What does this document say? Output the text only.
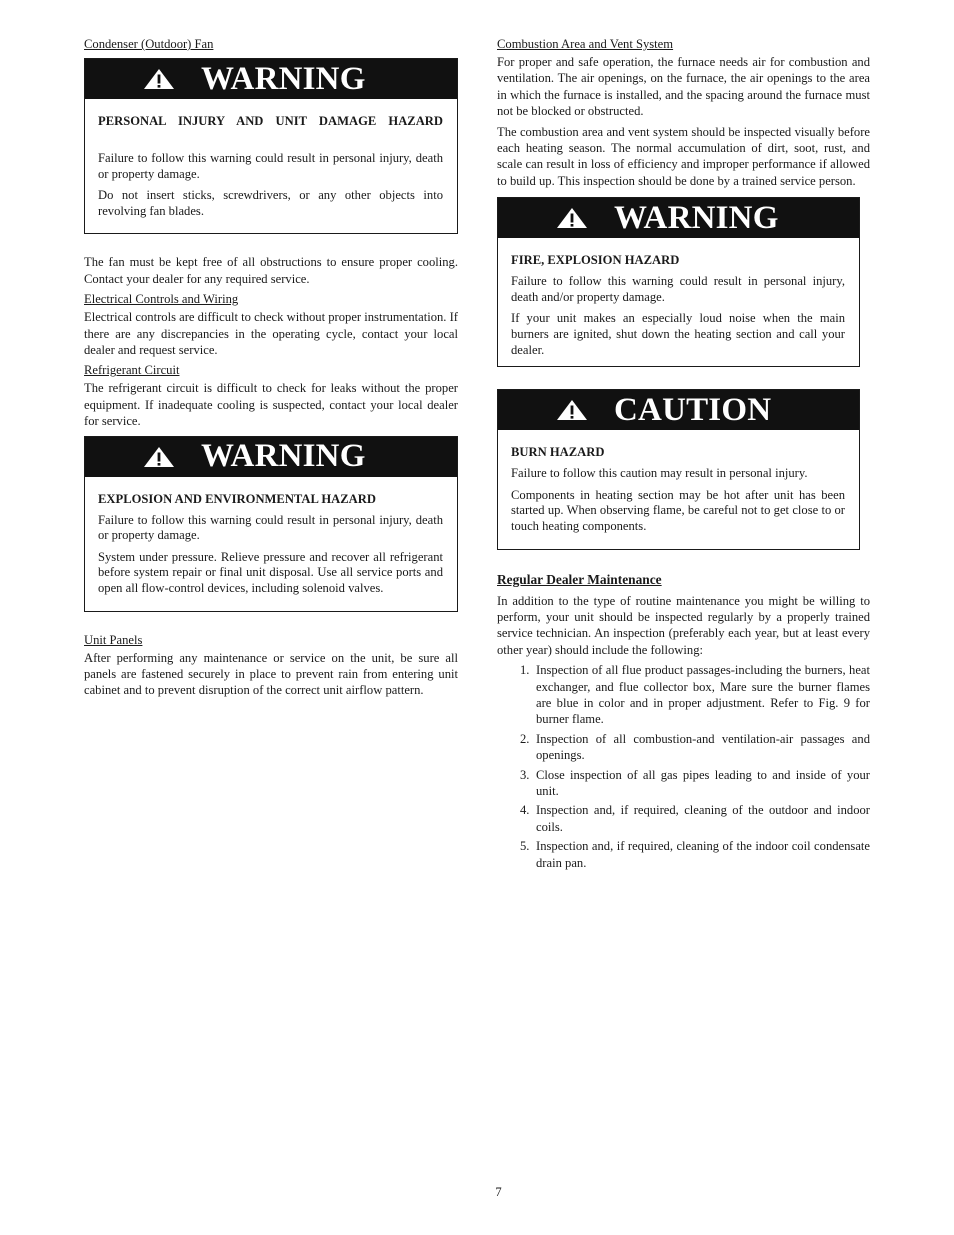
Condenser (Outdoor) Fan
WARNING
PERSONAL INJURY AND UNIT DAMAGE HAZARD
Failure to follow this warning could result in personal injury, death or property damage.
Do not insert sticks, screwdrivers, or any other objects into revolving fan blades.
The fan must be kept free of all obstructions to ensure proper cooling. Contact your dealer for any required service.
Electrical Controls and Wiring
Electrical controls are difficult to check without proper instrumentation. If there are any discrepancies in the operating cycle, contact your local dealer and request service.
Refrigerant Circuit
The refrigerant circuit is difficult to check for leaks without the proper equipment. If inadequate cooling is suspected, contact your local dealer for service.
WARNING
EXPLOSION AND ENVIRONMENTAL HAZARD
Failure to follow this warning could result in personal injury, death or property damage.
System under pressure. Relieve pressure and recover all refrigerant before system repair or final unit disposal. Use all service ports and open all flow‐control devices, including solenoid valves.
Unit Panels
After performing any maintenance or service on the unit, be sure all panels are fastened securely in place to prevent rain from entering unit cabinet and to prevent disruption of the correct unit airflow pattern.
Combustion Area and Vent System
For proper and safe operation, the furnace needs air for combustion and ventilation. The air openings, on the furnace, the air openings to the area in which the furnace is installed, and the spacing around the furnace must not be blocked or obstructed.
The combustion area and vent system should be inspected visually before each heating season. The normal accumulation of dirt, soot, rust, and scale can result in loss of efficiency and improper performance if allowed to build up. This inspection should be done by a trained service person.
WARNING
FIRE, EXPLOSION HAZARD
Failure to follow this warning could result in personal injury, death and/or property damage.
If your unit makes an especially loud noise when the main burners are ignited, shut down the heating section and call your dealer.
CAUTION
BURN HAZARD
Failure to follow this caution may result in personal injury.
Components in heating section may be hot after unit has been started up. When observing flame, be careful not to get close to or touch heating components.
Regular Dealer Maintenance
In addition to the type of routine maintenance you might be willing to perform, your unit should be inspected regularly by a properly trained service technician. An inspection (preferably each year, but at least every other year) should include the following:
1. Inspection of all flue product passages‐including the burners, heat exchanger, and flue collector box, Mare sure the burner flames are blue in color and in proper adjustment. Refer to Fig. 9 for burner flame.
2. Inspection of all combustion‐and ventilation‐air passages and openings.
3. Close inspection of all gas pipes leading to and inside of your unit.
4. Inspection and, if required, cleaning of the outdoor and indoor coils.
5. Inspection and, if required, cleaning of the indoor coil condensate drain pan.
7
